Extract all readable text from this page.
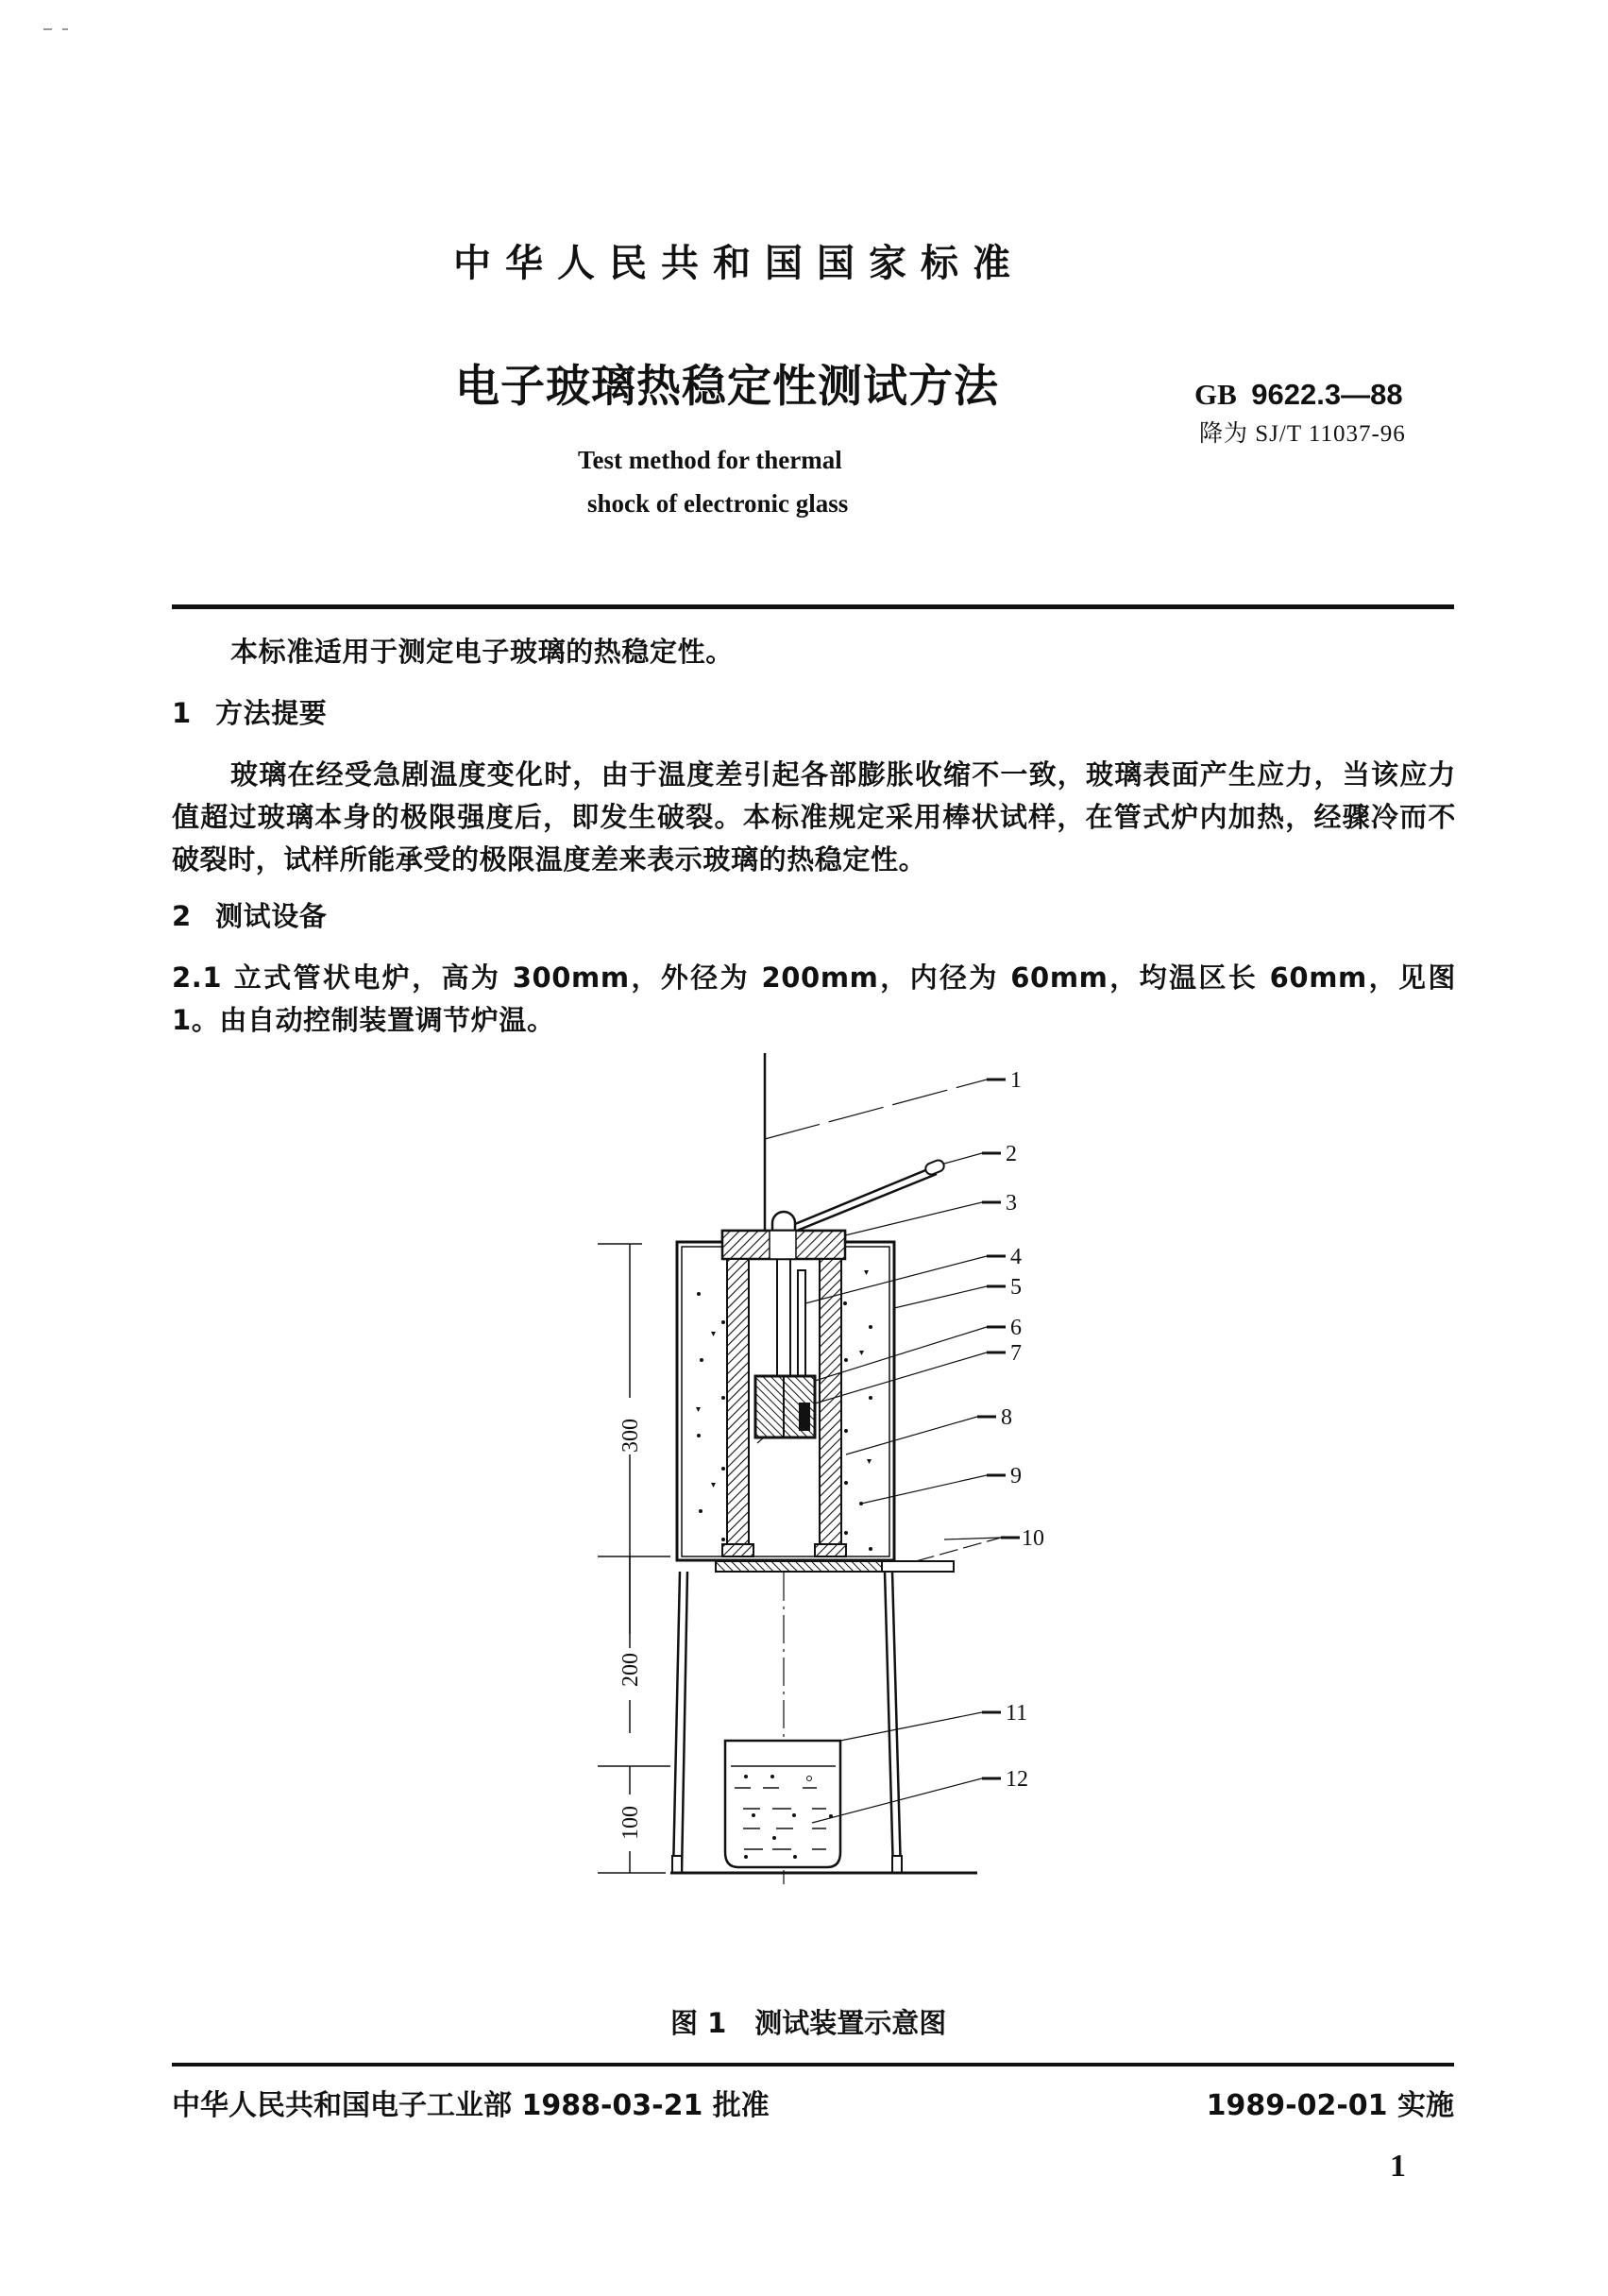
中华人民共和国国家标准
电子玻璃热稳定性测试方法	GB 9622.3—88
降为 SJ/T 11037-96
Test method for thermal
shock of electronic glass
本标准适用于测定电子玻璃的热稳定性。
1 方法提要
玻璃在经受急剧温度变化时，由于温度差引起各部膨胀收缩不一致，玻璃表面产生应力，当该应力值超过玻璃本身的极限强度后，即发生破裂。本标准规定采用棒状试样，在管式炉内加热，经骤冷而不破裂时，试样所能承受的极限温度差来表示玻璃的热稳定性。
2 测试设备
2.1 立式管状电炉，高为 300mm，外径为 200mm，内径为 60mm，均温区长 60mm，见图 1。由自动控制装置调节炉温。
300
200
100
1
2
3
4
5
6
7
8
9
10
11
12
图 1 测试装置示意图
中华人民共和国电子工业部 1988-03-21 批准	1989-02-01 实施
1
